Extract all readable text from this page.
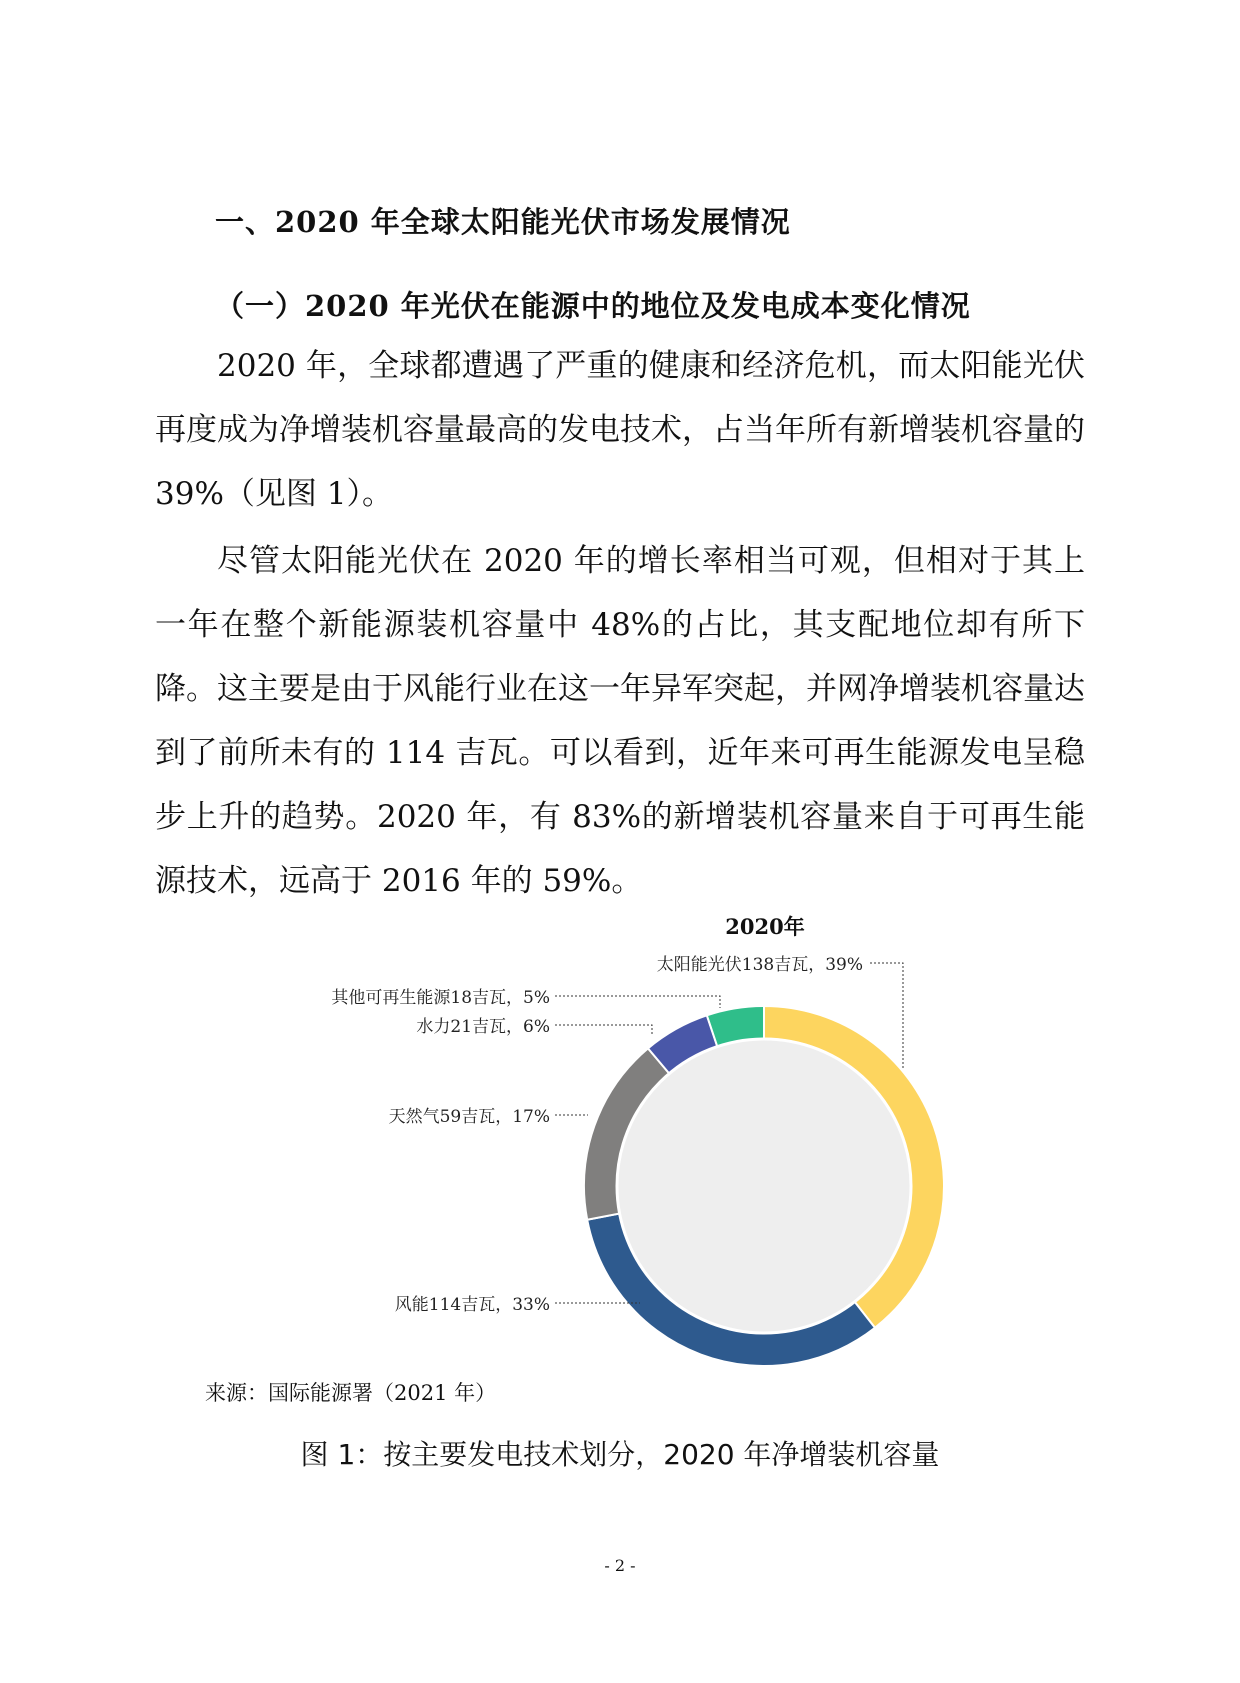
一、2020 年全球太阳能光伏市场发展情况
（一）2020 年光伏在能源中的地位及发电成本变化情况

2020 年，全球都遭遇了严重的健康和经济危机，而太阳能光伏再度成为净增装机容量最高的发电技术，占当年所有新增装机容量的 39%（见图 1）。

尽管太阳能光伏在 2020 年的增长率相当可观，但相对于其上一年在整个新能源装机容量中 48%的占比，其支配地位却有所下降。这主要是由于风能行业在这一年异军突起，并网净增装机容量达到了前所未有的 114 吉瓦。可以看到，近年来可再生能源发电呈稳步上升的趋势。2020 年，有 83%的新增装机容量来自于可再生能源技术，远高于 2016 年的 59%。

2020年
太阳能光伏138吉瓦，39%
风能114吉瓦，33%
天然气59吉瓦，17%
水力21吉瓦，6%
其他可再生能源18吉瓦，5%
来源：国际能源署（2021 年）
图 1：按主要发电技术划分，2020 年净增装机容量
- 2 -
